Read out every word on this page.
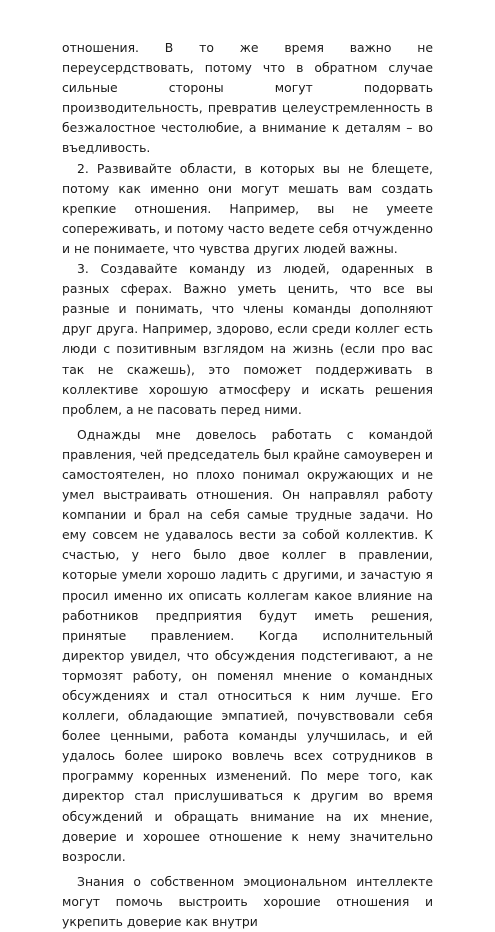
отношения. В то же время важно не переусердствовать, потому что в обратном случае сильные стороны могут подорвать производительность, превратив целеустремленность в безжалостное честолюбие, а внимание к деталям – во въедливость.

2. Развивайте области, в которых вы не блещете, потому как именно они могут мешать вам создать крепкие отношения. Например, вы не умеете сопереживать, и потому часто ведете себя отчужденно и не понимаете, что чувства других людей важны.

3. Создавайте команду из людей, одаренных в разных сферах. Важно уметь ценить, что все вы разные и понимать, что члены команды дополняют друг друга. Например, здорово, если среди коллег есть люди с позитивным взглядом на жизнь (если про вас так не скажешь), это поможет поддерживать в коллективе хорошую атмосферу и искать решения проблем, а не пасовать перед ними.

Однажды мне довелось работать с командой правления, чей председатель был крайне самоуверен и самостоятелен, но плохо понимал окружающих и не умел выстраивать отношения. Он направлял работу компании и брал на себя самые трудные задачи. Но ему совсем не удавалось вести за собой коллектив. К счастью, у него было двое коллег в правлении, которые умели хорошо ладить с другими, и зачастую я просил именно их описать коллегам какое влияние на работников предприятия будут иметь решения, принятые правлением. Когда исполнительный директор увидел, что обсуждения подстегивают, а не тормозят работу, он поменял мнение о командных обсуждениях и стал относиться к ним лучше. Его коллеги, обладающие эмпатией, почувствовали себя более ценными, работа команды улучшилась, и ей удалось более широко вовлечь всех сотрудников в программу коренных изменений. По мере того, как директор стал прислушиваться к другим во время обсуждений и обращать внимание на их мнение, доверие и хорошее отношение к нему значительно возросли.

Знания о собственном эмоциональном интеллекте могут помочь выстроить хорошие отношения и укрепить доверие как внутри
